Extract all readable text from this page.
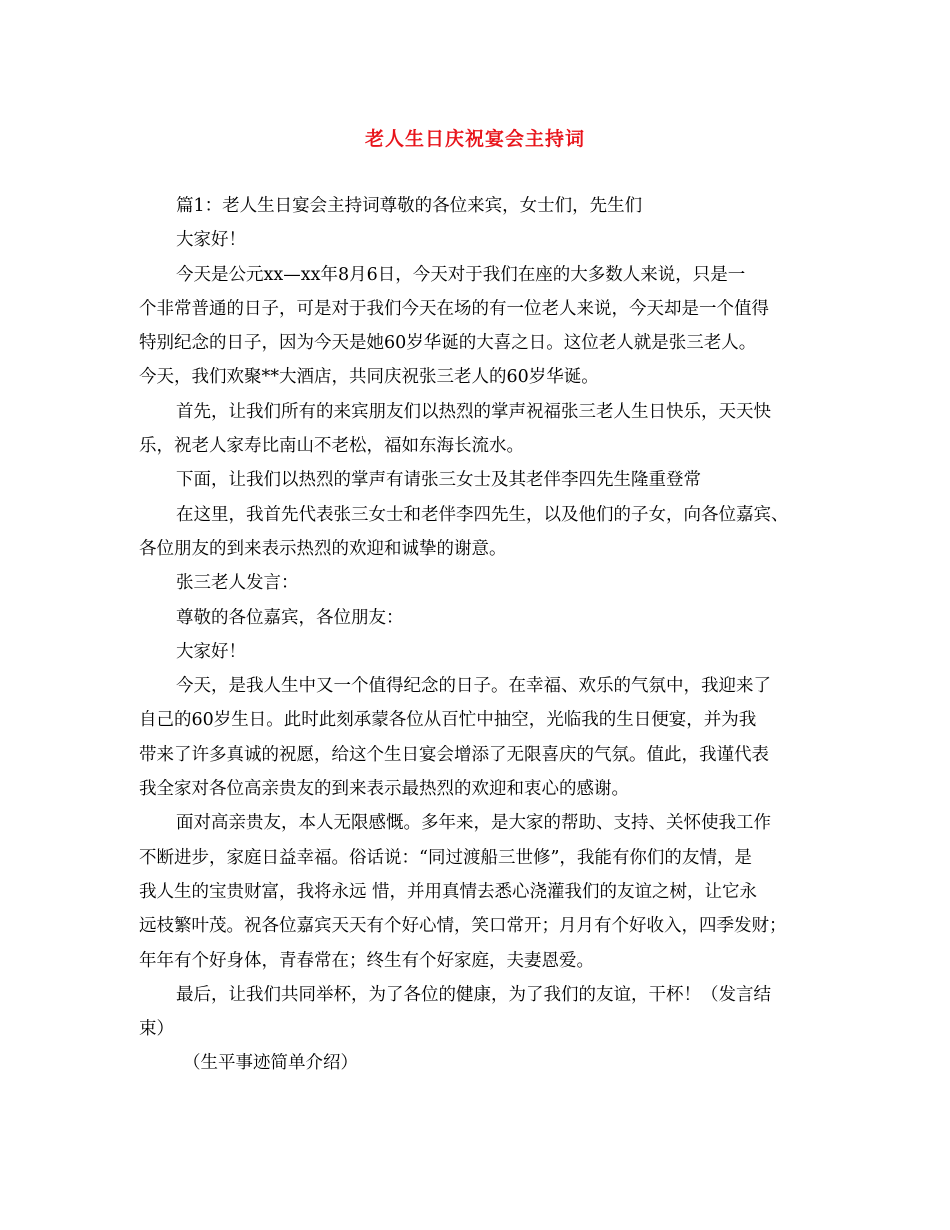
老人生日庆祝宴会主持词
篇1：老人生日宴会主持词尊敬的各位来宾，女士们，先生们
大家好！
今天是公元xx—xx年8月6日，今天对于我们在座的大多数人来说，只是一
个非常普通的日子，可是对于我们今天在场的有一位老人来说，今天却是一个值得
特别纪念的日子，因为今天是她60岁华诞的大喜之日。这位老人就是张三老人。
今天，我们欢聚**大酒店，共同庆祝张三老人的60岁华诞。
首先，让我们所有的来宾朋友们以热烈的掌声祝福张三老人生日快乐，天天快
乐，祝老人家寿比南山不老松，福如东海长流水。
下面，让我们以热烈的掌声有请张三女士及其老伴李四先生隆重登常
在这里，我首先代表张三女士和老伴李四先生，以及他们的子女，向各位嘉宾、
各位朋友的到来表示热烈的欢迎和诚挚的谢意。
张三老人发言：
尊敬的各位嘉宾，各位朋友：
大家好！
今天，是我人生中又一个值得纪念的日子。在幸福、欢乐的气氛中，我迎来了
自己的60岁生日。此时此刻承蒙各位从百忙中抽空，光临我的生日便宴，并为我
带来了许多真诚的祝愿，给这个生日宴会增添了无限喜庆的气氛。值此，我谨代表
我全家对各位高亲贵友的到来表示最热烈的欢迎和衷心的感谢。
面对高亲贵友，本人无限感慨。多年来，是大家的帮助、支持、关怀使我工作
不断进步，家庭日益幸福。俗话说：“同过渡船三世修”，我能有你们的友情，是
我人生的宝贵财富，我将永远 惜，并用真情去悉心浇灌我们的友谊之树，让它永
远枝繁叶茂。祝各位嘉宾天天有个好心情，笑口常开；月月有个好收入，四季发财；
年年有个好身体，青春常在；终生有个好家庭，夫妻恩爱。
最后，让我们共同举杯，为了各位的健康，为了我们的友谊，干杯！（发言结
束）
（生平事迹简单介绍）
